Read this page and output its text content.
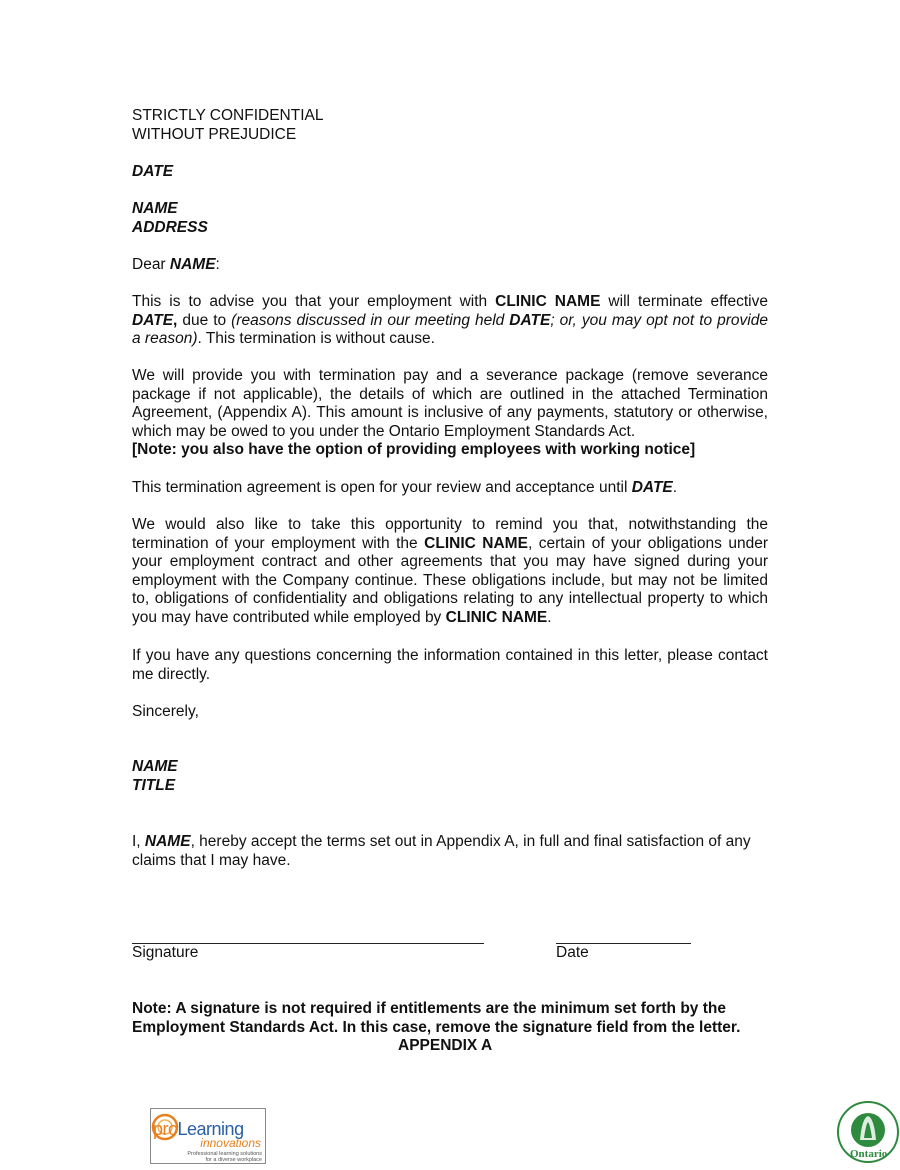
STRICTLY CONFIDENTIAL
WITHOUT PREJUDICE
DATE
NAME
ADDRESS
Dear NAME:

This is to advise you that your employment with CLINIC NAME will terminate effective DATE, due to (reasons discussed in our meeting held DATE; or, you may opt not to provide a reason). This termination is without cause.

We will provide you with termination pay and a severance package (remove severance package if not applicable), the details of which are outlined in the attached Termination Agreement, (Appendix A). This amount is inclusive of any payments, statutory or otherwise, which may be owed to you under the Ontario Employment Standards Act.
[Note: you also have the option of providing employees with working notice]

This termination agreement is open for your review and acceptance until DATE.

We would also like to take this opportunity to remind you that, notwithstanding the termination of your employment with the CLINIC NAME, certain of your obligations under your employment contract and other agreements that you may have signed during your employment with the Company continue. These obligations include, but may not be limited to, obligations of confidentiality and obligations relating to any intellectual property to which you may have contributed while employed by CLINIC NAME.

If you have any questions concerning the information contained in this letter, please contact me directly.

Sincerely,
NAME
TITLE

I, NAME, hereby accept the terms set out in Appendix A, in full and final satisfaction of any claims that I may have.

Signature	Date
Note: A signature is not required if entitlements are the minimum set forth by the
Employment Standards Act. In this case, remove the signature field from the letter.
APPENDIX A
proLearning
innovations
Professional learning solutions
for a diverse workplace	Ontario
